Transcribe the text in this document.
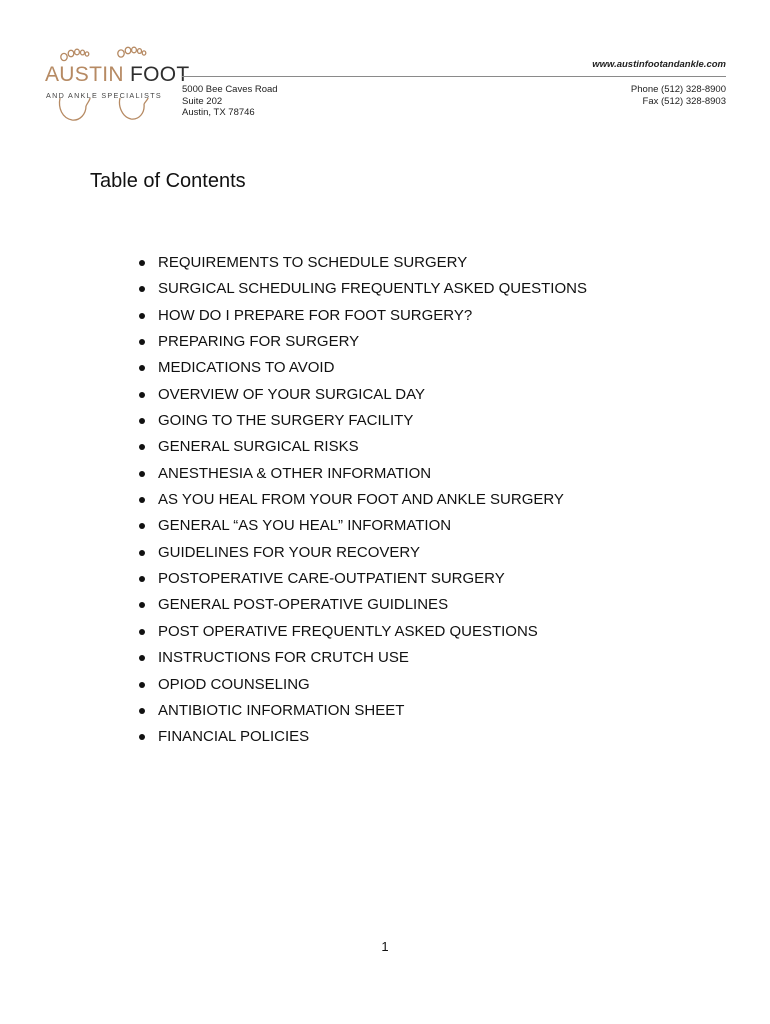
AUSTIN FOOT
AND ANKLE SPECIALISTS
www.austinfootandankle.com
5000 Bee Caves Road
Suite 202
Austin, TX 78746
Phone (512) 328-8900
Fax (512) 328-8903
Table of Contents
REQUIREMENTS TO SCHEDULE SURGERY
SURGICAL SCHEDULING FREQUENTLY ASKED QUESTIONS
HOW DO I PREPARE FOR FOOT SURGERY?
PREPARING FOR SURGERY
MEDICATIONS TO AVOID
OVERVIEW OF YOUR SURGICAL DAY
GOING TO THE SURGERY FACILITY
GENERAL SURGICAL RISKS
ANESTHESIA & OTHER INFORMATION
AS YOU HEAL FROM YOUR FOOT AND ANKLE SURGERY
GENERAL “AS YOU HEAL” INFORMATION
GUIDELINES FOR YOUR RECOVERY
POSTOPERATIVE CARE-OUTPATIENT SURGERY
GENERAL POST-OPERATIVE GUIDLINES
POST OPERATIVE FREQUENTLY ASKED QUESTIONS
INSTRUCTIONS FOR CRUTCH USE
OPIOD COUNSELING
ANTIBIOTIC INFORMATION SHEET
FINANCIAL POLICIES
1
